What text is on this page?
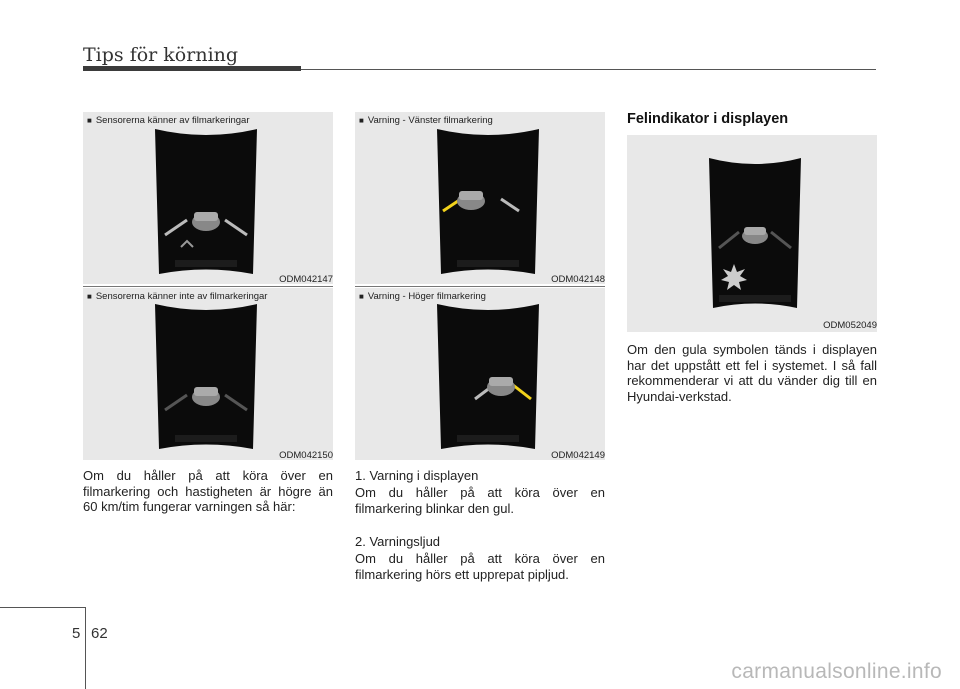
Tips för körning
■ Sensorerna känner av filmarkeringar
ODM042147
■ Sensorerna känner inte av filmarkeringar
ODM042150
■ Varning - Vänster filmarkering
ODM042148
■ Varning - Höger filmarkering
ODM042149
Felindikator i displayen
ODM052049
Om du håller på att köra över en filmarkering och hastigheten är högre än 60 km/tim fungerar varningen så här:
1. Varning i displayen
Om du håller på att köra över en filmarkering blinkar den gul.
2. Varningsljud
Om du håller på att köra över en filmarkering hörs ett upprepat pipljud.
Om den gula symbolen tänds i displayen har det uppstått ett fel i systemet. I så fall rekommenderar vi att du vänder dig till en Hyundai-verkstad.
5 62
carmanualsonline.info
